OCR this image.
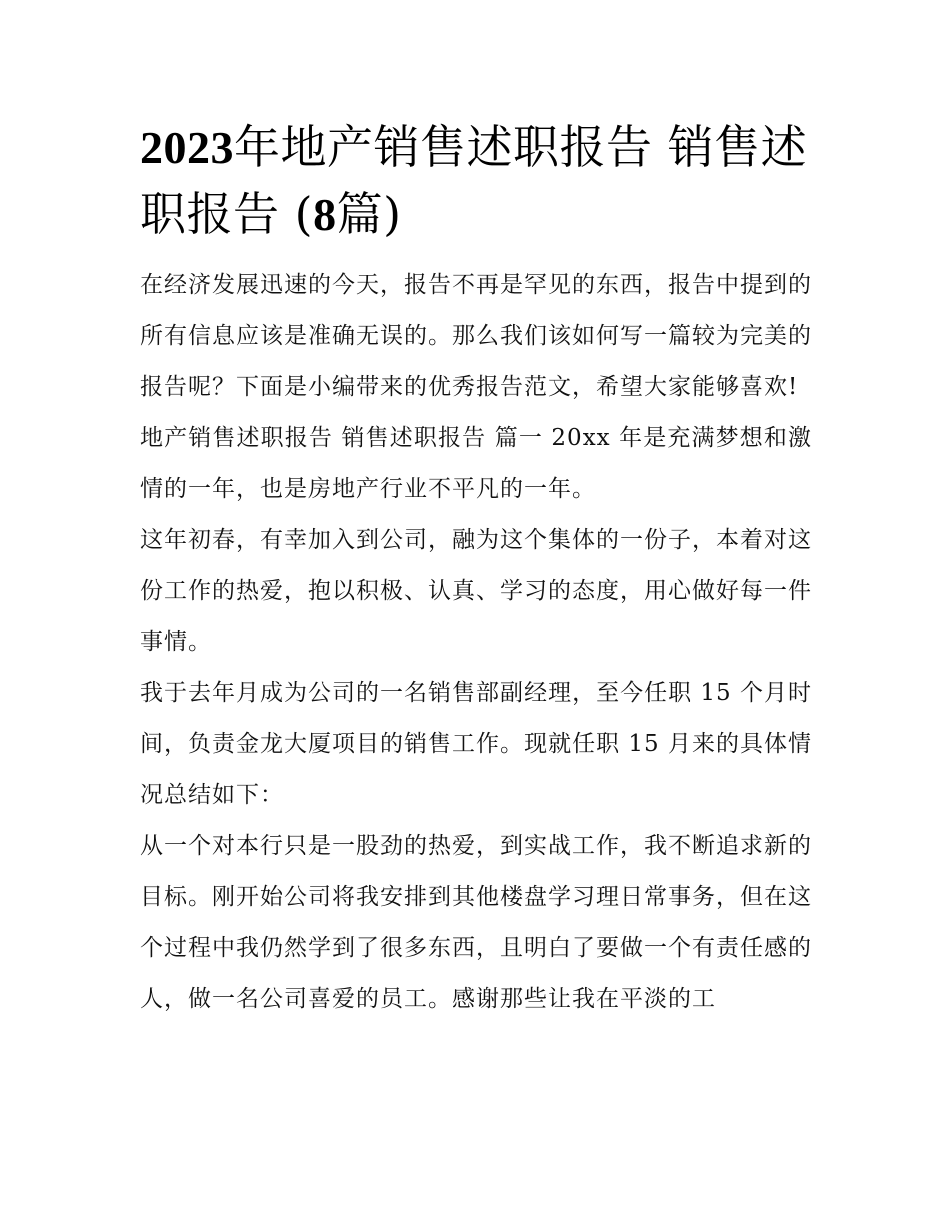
2023年地产销售述职报告 销售述职报告 (8篇)

在经济发展迅速的今天，报告不再是罕见的东西，报告中提到的所有信息应该是准确无误的。那么我们该如何写一篇较为完美的报告呢？下面是小编带来的优秀报告范文，希望大家能够喜欢!

地产销售述职报告 销售述职报告 篇一 20xx 年是充满梦想和激情的一年，也是房地产行业不平凡的一年。

这年初春，有幸加入到公司，融为这个集体的一份子，本着对这份工作的热爱，抱以积极、认真、学习的态度，用心做好每一件事情。

我于去年月成为公司的一名销售部副经理，至今任职 15 个月时间，负责金龙大厦项目的销售工作。现就任职 15 月来的具体情况总结如下：

从一个对本行只是一股劲的热爱，到实战工作，我不断追求新的目标。刚开始公司将我安排到其他楼盘学习理日常事务，但在这个过程中我仍然学到了很多东西，且明白了要做一个有责任感的人，做一名公司喜爱的员工。感谢那些让我在平淡的工
